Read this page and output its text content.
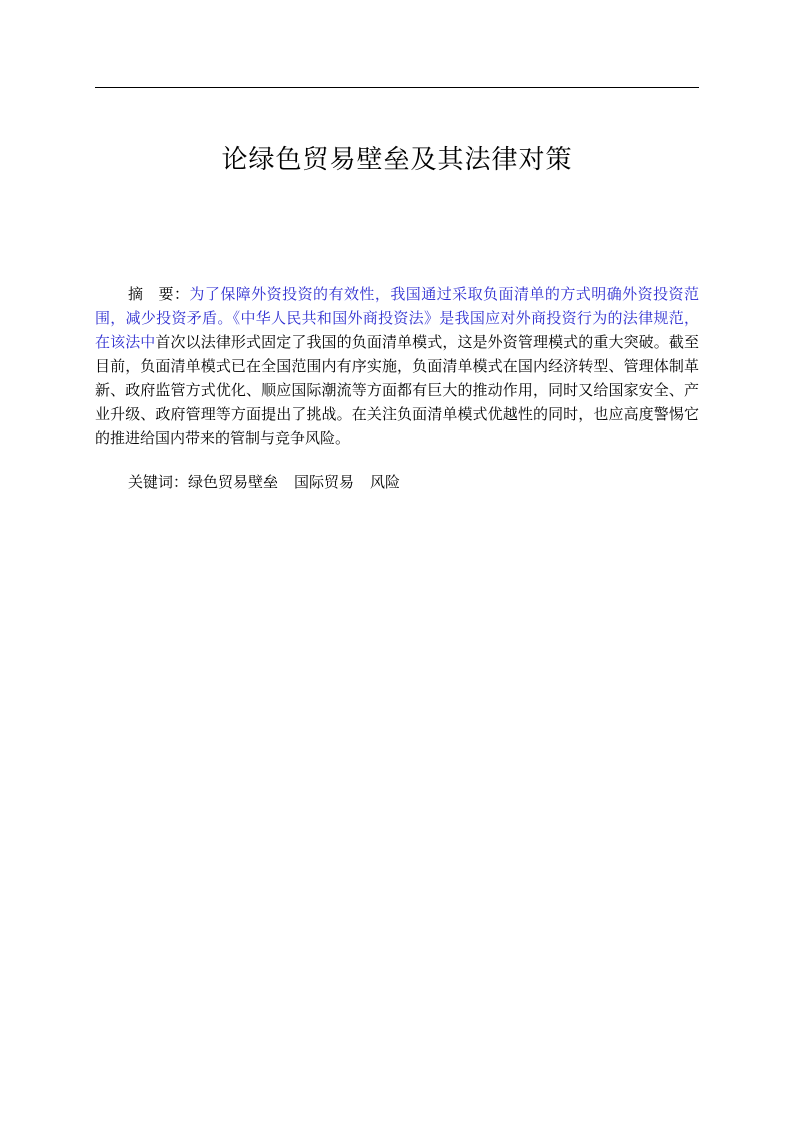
论绿色贸易壁垒及其法律对策

摘要：为了保障外资投资的有效性，我国通过采取负面清单的方式明确外资投资范围，减少投资矛盾。《中华人民共和国外商投资法》是我国应对外商投资行为的法律规范，在该法中首次以法律形式固定了我国的负面清单模式，这是外资管理模式的重大突破。截至目前，负面清单模式已在全国范围内有序实施，负面清单模式在国内经济转型、管理体制革新、政府监管方式优化、顺应国际潮流等方面都有巨大的推动作用，同时又给国家安全、产业升级、政府管理等方面提出了挑战。在关注负面清单模式优越性的同时，也应高度警惕它的推进给国内带来的管制与竞争风险。

关键词：绿色贸易壁垒 国际贸易 风险
